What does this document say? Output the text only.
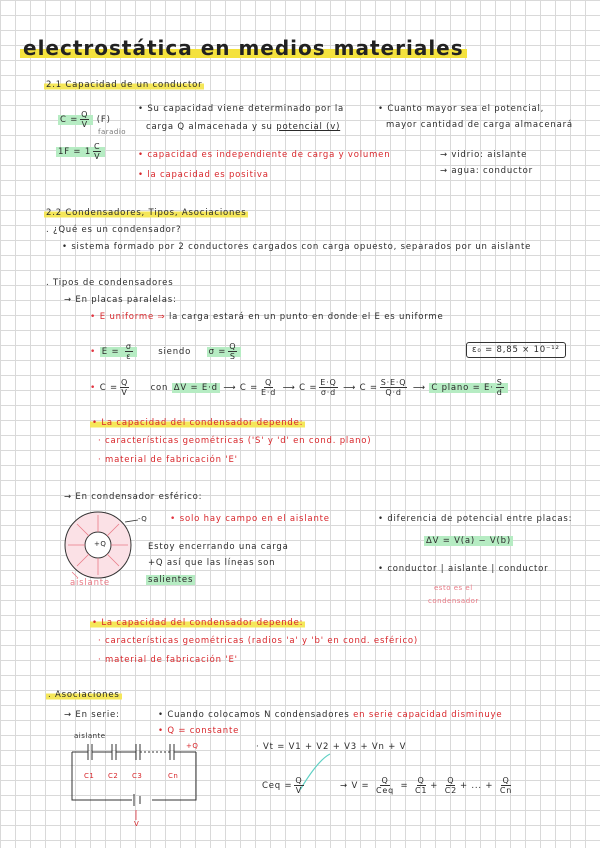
electrostática en medios materiales
2.1 Capacidad de un conductor
$C = \frac{Q}{V} (F)$
faradio
$1F = 1 \frac{C}{V}$
• Su capacidad viene determinado por la
carga Q almacenada y su potencial (v)
• Cuanto mayor sea el potencial,
mayor cantidad de carga almacenará
• capacidad es independiente de carga y volumen
• la capacidad es positiva
→ vidrio: aislante
→ agua: conductor
2.2 Condensadores, Tipos, Asociaciones
. ¿Qué es un condensador?
• sistema formado por 2 conductores cargados con carga opuesto, separados por un aislante
. Tipos de condensadores
→ En placas paralelas:
• E uniforme ⇒ la carga estará en un punto en donde el E es uniforme
• $E = \frac{\sigma}{\varepsilon}$	siendo $\sigma = \frac{Q}{S}$	ε₀ = 8,85 × 10⁻¹²
• $C = \frac{Q}{V}$	con ΔV = E·d ⟶ $C = \frac{Q}{E\cdot d}$ ⟶ $C = \frac{E\cdot Q}{\sigma\cdot d}$ ⟶ $C = \frac{S\cdot E\cdot Q}{Q\cdot d}$ ⟶ C plano = $E\cdot \frac{S}{d}$
• La capacidad del condensador depende:
· características geométricas ('S' y 'd' en cond. plano)
· material de fabricación 'E'
→ En condensador esférico:
+Q
-Q
aislante
• solo hay campo en el aislante
Estoy encerrando una carga
+Q así que las líneas son
salientes
• diferencia de potencial entre placas:
ΔV = V(a) − V(b)
• conductor | aislante | conductor
esto es el
condensador
• La capacidad del condensador depende:
· características geométricas (radios 'a' y 'b' en cond. esférico)
· material de fabricación 'E'
. Asociaciones
→ En serie:	• Cuando colocamos N condensadores en serie capacidad disminuye
• Q = constante
aislante
C1 C2 C3	Cn
+Q
V
· Vt = V1 + V2 + V3 + Vn + V
Ceq = $\frac{Q}{V}$	→ $V = \frac{Q}{\text{Ceq}} = \frac{Q}{C1} + \frac{Q}{C2}$ + ... + $\frac{Q}{Cn}$
